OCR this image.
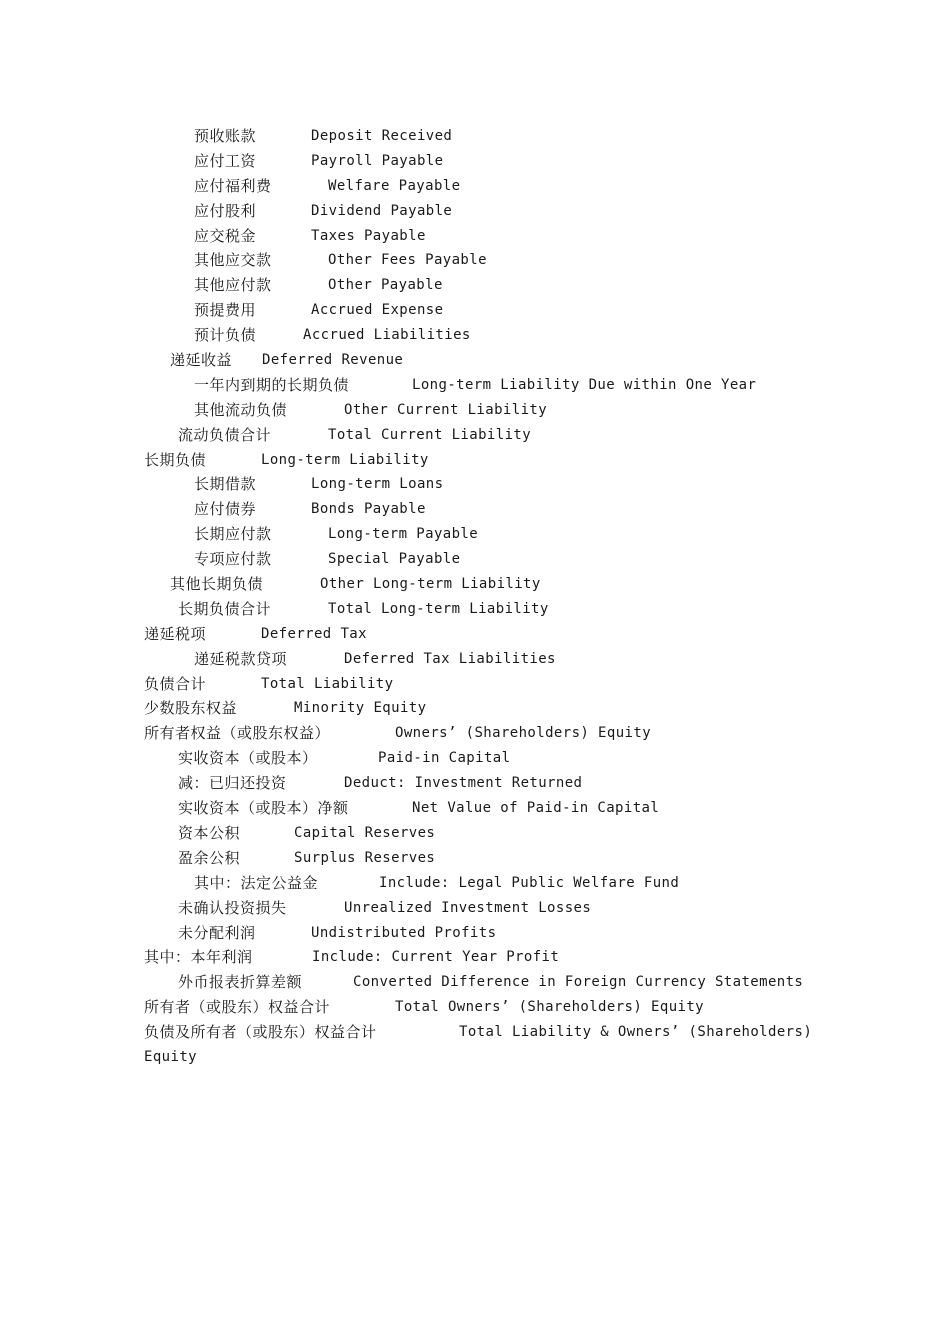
预收账款	Deposit Received
应付工资	Payroll Payable
应付福利费	Welfare Payable
应付股利	Dividend Payable
应交税金	Taxes Payable
其他应交款	Other Fees Payable
其他应付款	Other Payable
预提费用	Accrued Expense
预计负债	Accrued Liabilities
递延收益 Deferred Revenue
一年内到期的长期负债	Long-term Liability Due within One Year
其他流动负债	Other Current Liability
流动负债合计	Total Current Liability
长期负债	Long-term Liability
长期借款	Long-term Loans
应付债券	Bonds Payable
长期应付款	Long-term Payable
专项应付款	Special Payable
其他长期负债	Other Long-term Liability
长期负债合计	Total Long-term Liability
递延税项	Deferred Tax
递延税款贷项	Deferred Tax Liabilities
负债合计	Total Liability
少数股东权益	Minority Equity
所有者权益（或股东权益）	Owners’ (Shareholders) Equity
实收资本（或股本）	Paid-in Capital
减：已归还投资	Deduct: Investment Returned
实收资本（或股本）净额	Net Value of Paid-in Capital
资本公积	Capital Reserves
盈余公积	Surplus Reserves
其中：法定公益金	Include: Legal Public Welfare Fund
未确认投资损失	Unrealized Investment Losses
未分配利润	Undistributed Profits
其中：本年利润	Include: Current Year Profit
外币报表折算差额	Converted Difference in Foreign Currency Statements
所有者（或股东）权益合计	Total Owners’ (Shareholders) Equity
负债及所有者（或股东）权益合计	Total Liability & Owners’ (Shareholders)
Equity
